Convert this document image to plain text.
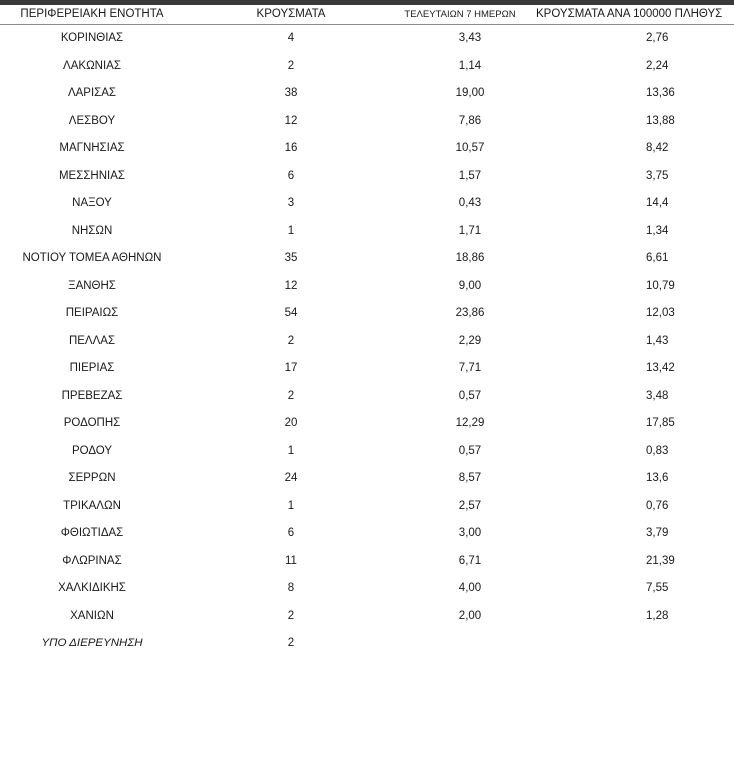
ΠΕΡΙΦΕΡΕΙΑΚΗ ΕΝΟΤΗΤΑ	ΚΡΟΥΣΜΑΤΑ	ΤΕΛΕΥΤΑΙΩΝ 7 ΗΜΕΡΩΝ	ΚΡΟΥΣΜΑΤΑ ΑΝΑ 100000 ΠΛΗΘΥΣ
ΚΟΡΙΝΘΙΑΣ	4	3,43	2,76
ΛΑΚΩΝΙΑΣ	2	1,14	2,24
ΛΑΡΙΣΑΣ	38	19,00	13,36
ΛΕΣΒΟΥ	12	7,86	13,88
ΜΑΓΝΗΣΙΑΣ	16	10,57	8,42
ΜΕΣΣΗΝΙΑΣ	6	1,57	3,75
ΝΑΞΟΥ	3	0,43	14,4
ΝΗΣΩΝ	1	1,71	1,34
ΝΟΤΙΟΥ ΤΟΜΕΑ ΑΘΗΝΩΝ	35	18,86	6,61
ΞΑΝΘΗΣ	12	9,00	10,79
ΠΕΙΡΑΙΩΣ	54	23,86	12,03
ΠΕΛΛΑΣ	2	2,29	1,43
ΠΙΕΡΙΑΣ	17	7,71	13,42
ΠΡΕΒΕΖΑΣ	2	0,57	3,48
ΡΟΔΟΠΗΣ	20	12,29	17,85
ΡΟΔΟΥ	1	0,57	0,83
ΣΕΡΡΩΝ	24	8,57	13,6
ΤΡΙΚΑΛΩΝ	1	2,57	0,76
ΦΘΙΩΤΙΔΑΣ	6	3,00	3,79
ΦΛΩΡΙΝΑΣ	11	6,71	21,39
ΧΑΛΚΙΔΙΚΗΣ	8	4,00	7,55
ΧΑΝΙΩΝ	2	2,00	1,28
ΥΠΟ ΔΙΕΡΕΥΝΗΣΗ	2		
